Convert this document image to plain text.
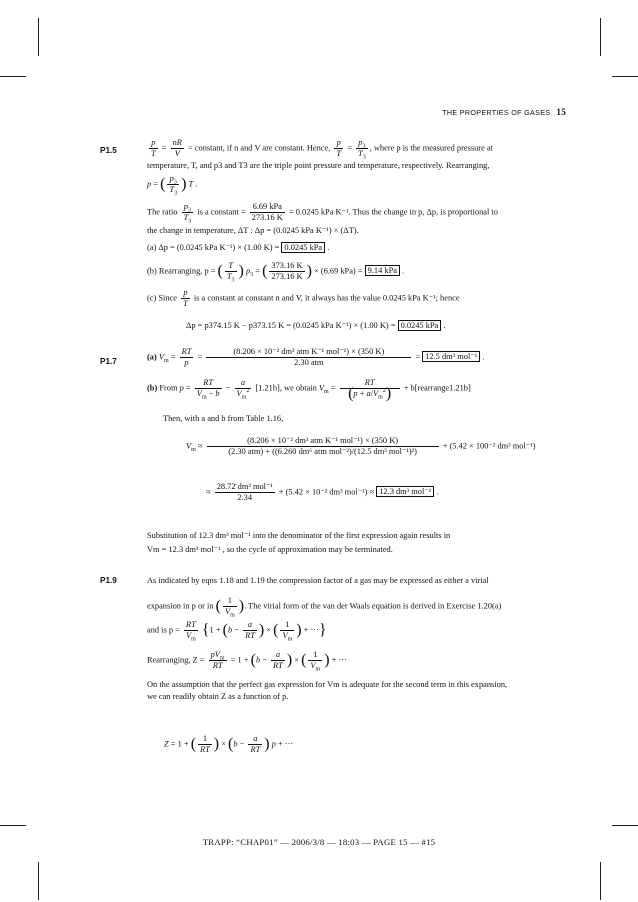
THE PROPERTIES OF GASES 15
P1.5	$\frac{p}{T} = \frac{nR}{V}$ = constant, if n and V are constant. Hence, $\frac{p}{T} = \frac{p_3}{T_3}$ , where p is the measured pressure at
temperature, T, and p3 and T3 are the triple point pressure and temperature, respectively. Rearranging,
p = ( $\frac{p_3}{T_3}$ ) T .
The ratio $\frac{p_3}{T_3}$ is a constant = $\frac{\text{6.69 kPa}}{273.16 K} = 0.0245$ kPa K⁻¹. Thus the change in p, Δp, is proportional to
the change in temperature, ΔT : Δp = (0.0245 kPa K⁻¹) × (ΔT).
(a) Δp = (0.0245 kPa K⁻¹) × (1.00 K) = 0.0245 kPa .
(b) Rearranging, p = ( $\frac{T}{T_3}$ ) $p_3$ = ( $\frac{373.16 K}{273.16 K}$ ) × (6.69 kPa) = 9.14 kPa .
(c) Since $\frac{p}{T}$ is a constant at constant n and V, it always has the value 0.0245 kPa K⁻¹; hence
Δp = p374.15 K − p373.15 K = (0.0245 kPa K⁻¹) × (1.00 K) = 0.0245 kPa .
P1.7
(a) $V_m = \frac{RT}{p} = \frac{\text{(8.206 × 10⁻² dm³ atm K⁻¹ mol⁻¹) × (350 K)}}{\text{2.30 atm}} = 12.5$ dm³ mol⁻¹ .
(b) From $p = \frac{RT}{V_m - b} - \frac{a}{V_m^2} [1.21b]$, we obtain $V_m = \frac{RT}{(p + a/V_m^2)}$ + b[rearrange1.21b]
Then, with a and b from Table 1.16,
$V_m \approx \frac{\text{(8.206 × 10⁻² dm³ atm K⁻¹ mol⁻¹) × (350 K)}}{\text{(2.30 atm) + ((6.260 dm⁶ atm mol⁻²)/(12.5 dm³ mol⁻¹)²)}} + (5.42 \times 100^{-2}$ dm³ mol⁻¹)
≈ $\frac{\text{28.72̄ dm³ mol⁻¹}}{2.34} + (5.42 \times 10^{-2}$ dm³ mol⁻¹) ≈ 12.3 dm³ mol⁻¹ .
Substitution of 12.3 dm³ mol⁻¹ into the denominator of the first expression again results in
Vm = 12.3 dm³ mol⁻¹ , so the cycle of approximation may be terminated.
P1.9	As indicated by eqns 1.18 and 1.19 the compression factor of a gas may be expressed as either a virial
expansion in p or in ( $\frac{1}{V_m}$ ). The virial form of the van der Waals equation is derived in Exercise 1.20(a)
and is $p = \frac{RT}{V_m} \{1 + (b - \frac{a}{RT}$ ) × ( $\frac{1}{V_m}$ ) + ···}
Rearranging, $Z = \frac{pV_m}{RT} = 1 + (b - \frac{a}{RT}$ ) × ( $\frac{1}{V_m}$ ) + ···
On the assumption that the perfect gas expression for Vm is adequate for the second term in this expansion,
we can readily obtain Z as a function of p.
Z = 1 + ( $\frac{1}{RT}$ ) × ($b - \frac{a}{RT}$ ) p + ···
TRAPP: “CHAP01” — 2006/3/8 — 18:03 — PAGE 15 — #15
